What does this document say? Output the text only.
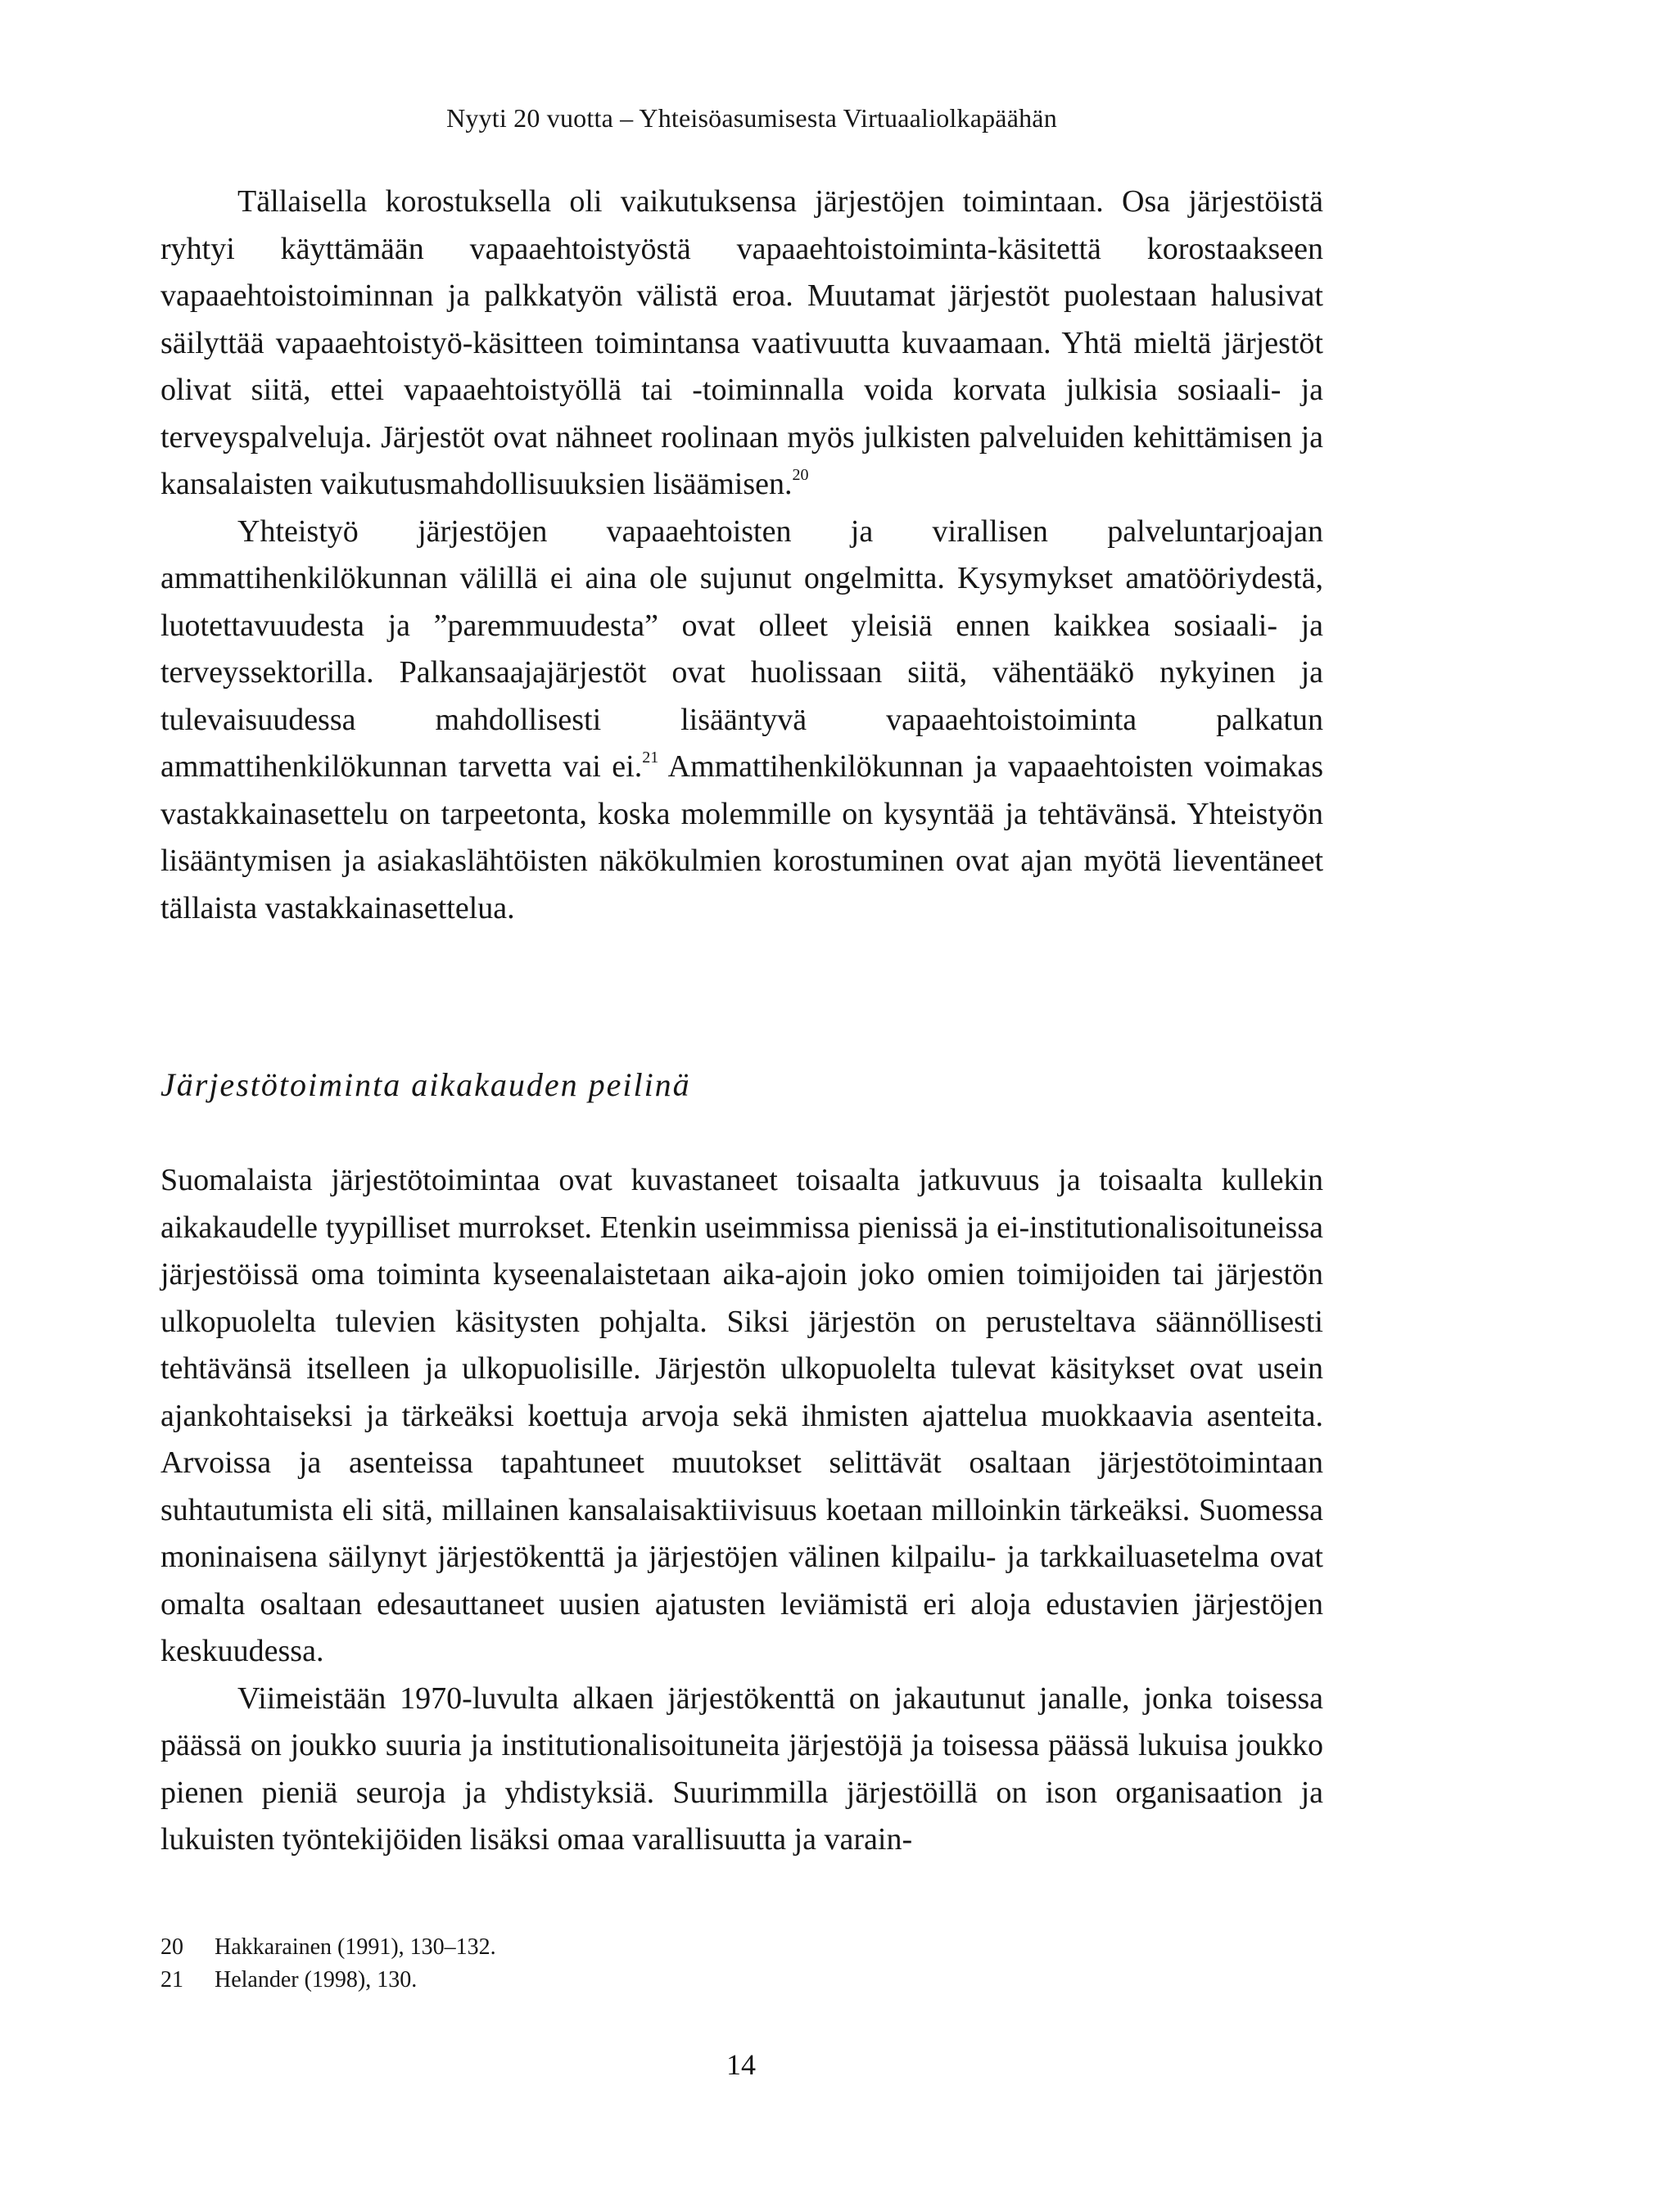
Nyyti 20 vuotta – Yhteisöasumisesta Virtuaaliolkapäähän

Tällaisella korostuksella oli vaikutuksensa järjestöjen toimintaan. Osa järjestöistä ryhtyi käyttämään vapaaehtoistyöstä vapaaehtoistoiminta-käsitettä korostaakseen vapaaehtoistoiminnan ja palkkatyön välistä eroa. Muutamat järjestöt puolestaan halusivat säilyttää vapaaehtoistyö-käsitteen toimintansa vaativuutta kuvaamaan. Yhtä mieltä järjestöt olivat siitä, ettei vapaaehtoistyöllä tai -toiminnalla voida korvata julkisia sosiaali- ja terveyspalveluja. Järjestöt ovat nähneet roolinaan myös julkisten palveluiden kehittämisen ja kansalaisten vaikutusmahdollisuuksien lisäämisen.$^{20}$

Yhteistyö järjestöjen vapaaehtoisten ja virallisen palveluntarjoajan ammattihenkilökunnan välillä ei aina ole sujunut ongelmitta. Kysymykset amatööriydestä, luotettavuudesta ja ”paremmuudesta” ovat olleet yleisiä ennen kaikkea sosiaali- ja terveyssektorilla. Palkansaajajärjestöt ovat huolissaan siitä, vähentääkö nykyinen ja tulevaisuudessa mahdollisesti lisääntyvä vapaaehtoistoiminta palkatun ammattihenkilökunnan tarvetta vai ei.$^{21}$ Ammattihenkilökunnan ja vapaaehtoisten voimakas vastakkainasettelu on tarpeetonta, koska molemmille on kysyntää ja tehtävänsä. Yhteistyön lisääntymisen ja asiakaslähtöisten näkökulmien korostuminen ovat ajan myötä lieventäneet tällaista vastakkainasettelua.

Järjestötoiminta aikakauden peilinä

Suomalaista järjestötoimintaa ovat kuvastaneet toisaalta jatkuvuus ja toisaalta kullekin aikakaudelle tyypilliset murrokset. Etenkin useimmissa pienissä ja ei-institutionalisoituneissa järjestöissä oma toiminta kyseenalaistetaan aika-ajoin joko omien toimijoiden tai järjestön ulkopuolelta tulevien käsitysten pohjalta. Siksi järjestön on perusteltava säännöllisesti tehtävänsä itselleen ja ulkopuolisille. Järjestön ulkopuolelta tulevat käsitykset ovat usein ajankohtaiseksi ja tärkeäksi koettuja arvoja sekä ihmisten ajattelua muokkaavia asenteita. Arvoissa ja asenteissa tapahtuneet muutokset selittävät osaltaan järjestötoimintaan suhtautumista eli sitä, millainen kansalaisaktiivisuus koetaan milloinkin tärkeäksi. Suomessa moninaisena säilynyt järjestökenttä ja järjestöjen välinen kilpailu- ja tarkkailuasetelma ovat omalta osaltaan edesauttaneet uusien ajatusten leviämistä eri aloja edustavien järjestöjen keskuudessa.

Viimeistään 1970-luvulta alkaen järjestökenttä on jakautunut janalle, jonka toisessa päässä on joukko suuria ja institutionalisoituneita järjestöjä ja toisessa päässä lukuisa joukko pienen pieniä seuroja ja yhdistyksiä. Suurimmilla järjestöillä on ison organisaation ja lukuisten työntekijöiden lisäksi omaa varallisuutta ja varain-

20	Hakkarainen (1991), 130–132.
21	Helander (1998), 130.
14
